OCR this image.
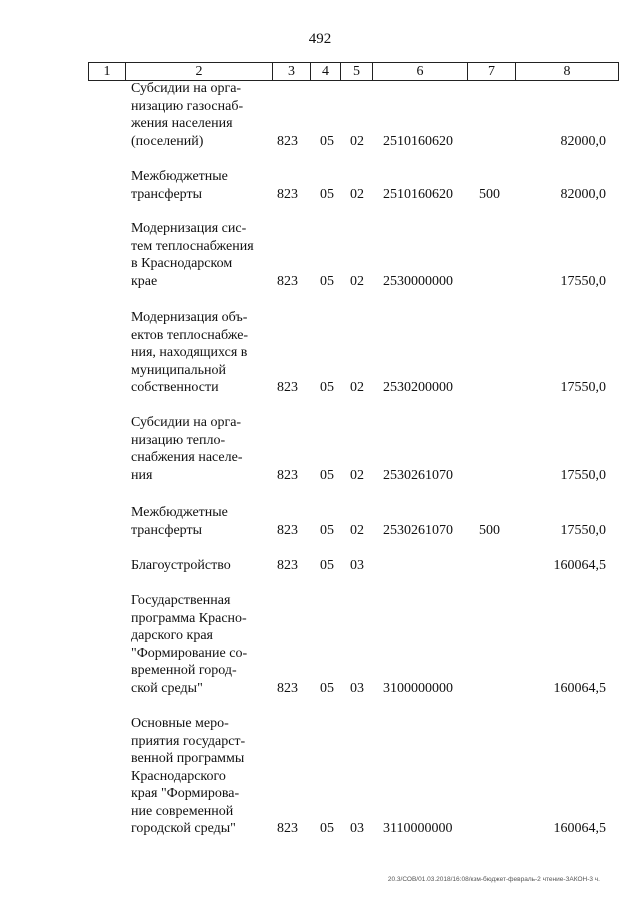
492
1	2	3	4	5	6	7	8
Субсидии на орга-
низацию газоснаб-
жения населения
(поселений)	823 05 02 2510160620	82000,0
Межбюджетные
трансферты	823 05 02 2510160620 500	82000,0
Модернизация сис-
тем теплоснабжения
в Краснодарском
крае	823 05 02 2530000000	17550,0
Модернизация объ-
ектов теплоснабже-
ния, находящихся в
муниципальной
собственности	823 05 02 2530200000	17550,0
Субсидии на орга-
низацию тепло-
снабжения населе-
ния	823 05 02 2530261070	17550,0
Межбюджетные
трансферты	823 05 02 2530261070 500	17550,0
Благоустройство	823 05 03	160064,5
Государственная
программа Красно-
дарского края
"Формирование со-
временной город-
ской среды"	823 05 03 3100000000	160064,5
Основные меро-
приятия государст-
венной программы
Краснодарского
края "Формирова-
ние современной
городской среды"	823 05 03 3110000000	160064,5
20.3/СОВ/01.03.2018/16:08/кзм-бюджет-февраль-2 чтение-ЗАКОН-3 ч.
